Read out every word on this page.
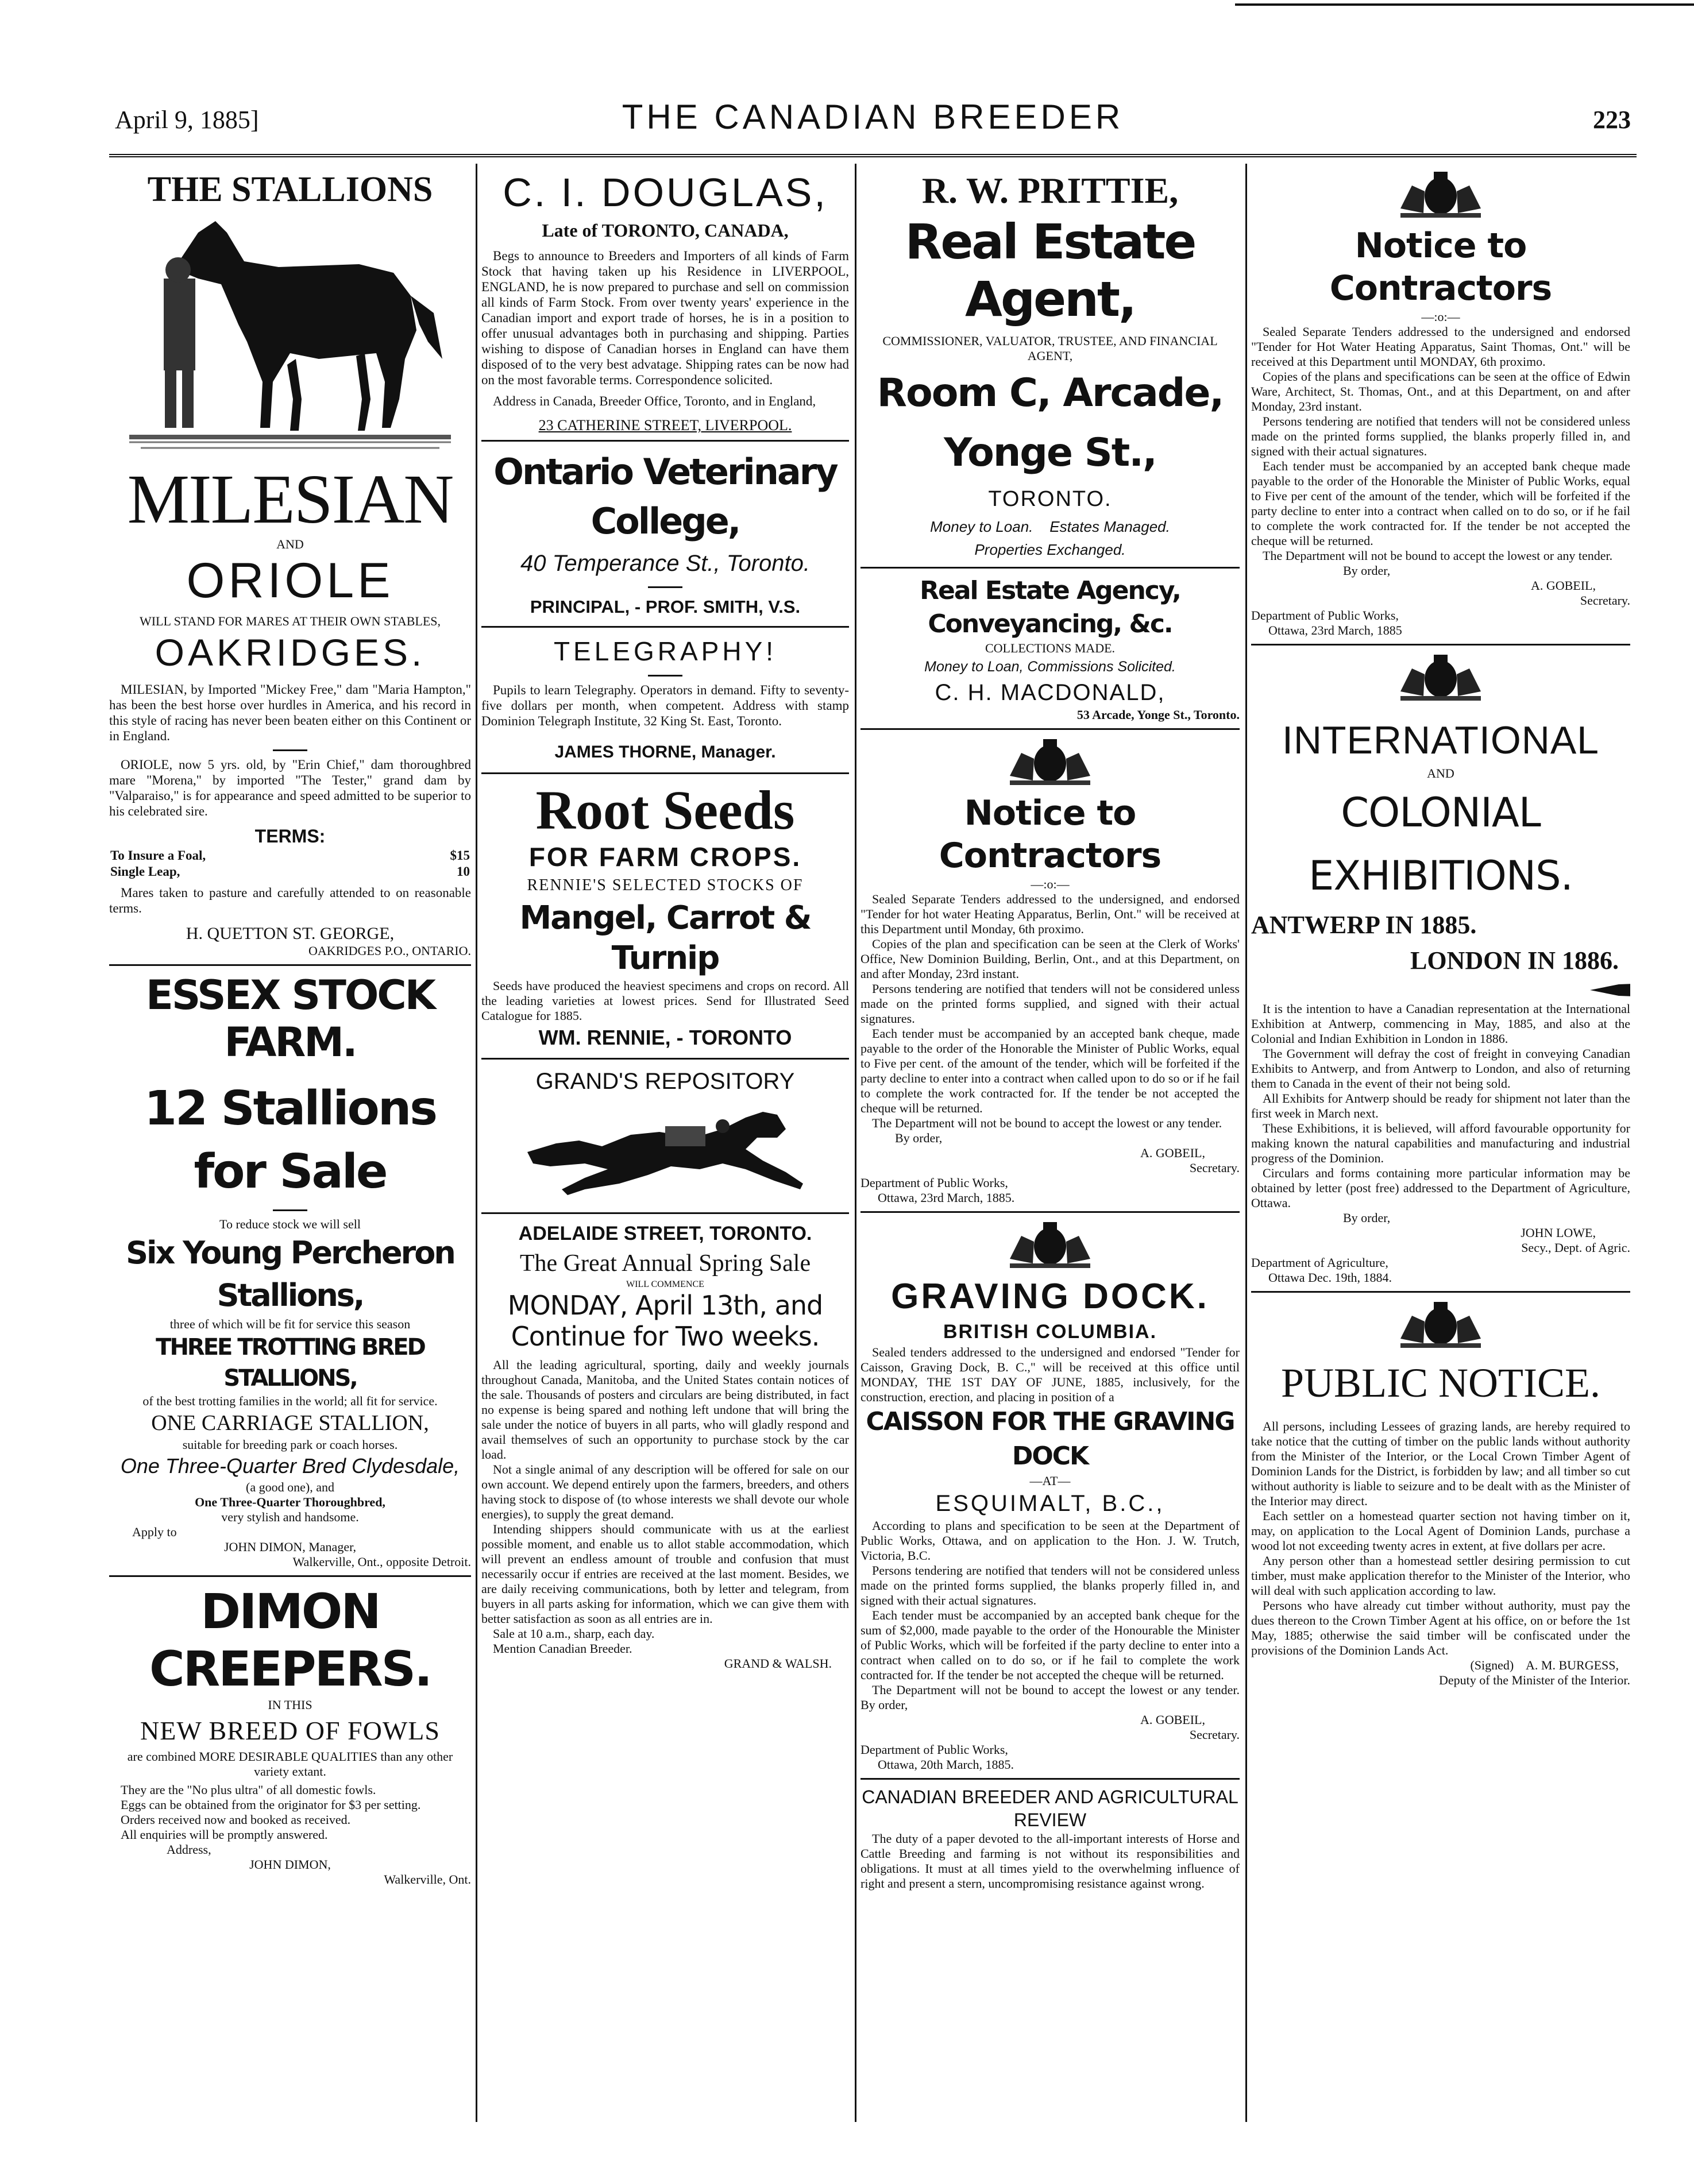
April 9, 1885]	THE CANADIAN BREEDER	223
THE STALLIONS
MILESIAN
AND
ORIOLE
WILL STAND FOR MARES AT THEIR OWN STABLES,
OAKRIDGES.

MILESIAN, by Imported "Mickey Free," dam "Maria Hampton," has been the best horse over hurdles in America, and his record in this style of racing has never been beaten either on this Continent or in England.

ORIOLE, now 5 yrs. old, by "Erin Chief," dam thoroughbred mare "Morena," by imported "The Tester," grand dam by "Valparaiso," is for appearance and speed admitted to be superior to his celebrated sire.

TERMS:
To Insure a Foal,	$15
Single Leap,	10

Mares taken to pasture and carefully attended to on reasonable terms.

H. QUETTON ST. GEORGE,
OAKRIDGES P.O., ONTARIO.
ESSEX STOCK FARM.
12 Stallions for Sale
To reduce stock we will sell
Six Young Percheron Stallions,
three of which will be fit for service this season
THREE TROTTING BRED STALLIONS,
of the best trotting families in the world; all fit for service.
ONE CARRIAGE STALLION,
suitable for breeding park or coach horses.
One Three-Quarter Bred Clydesdale,
(a good one), and
One Three-Quarter Thoroughbred,
very stylish and handsome.
Apply to
JOHN DIMON, Manager,
Walkerville, Ont., opposite Detroit.
DIMON CREEPERS.
IN THIS
NEW BREED OF FOWLS

are combined MORE DESIRABLE QUALITIES than any other variety extant.

They are the "No plus ultra" of all domestic fowls.

Eggs can be obtained from the originator for $3 per setting.

Orders received now and booked as received.

All enquiries will be promptly answered.

Address,
JOHN DIMON,
Walkerville, Ont.
C. I. DOUGLAS,
Late of TORONTO, CANADA,

Begs to announce to Breeders and Importers of all kinds of Farm Stock that having taken up his Residence in LIVERPOOL, ENGLAND, he is now prepared to purchase and sell on commission all kinds of Farm Stock. From over twenty years' experience in the Canadian import and export trade of horses, he is in a position to offer unusual advantages both in purchasing and shipping. Parties wishing to dispose of Canadian horses in England can have them disposed of to the very best advatage. Shipping rates can be now had on the most favorable terms. Correspondence solicited.

Address in Canada, Breeder Office, Toronto, and in England,

23 CATHERINE STREET, LIVERPOOL.
Ontario Veterinary College,
40 Temperance St., Toronto.
PRINCIPAL, - PROF. SMITH, V.S.
TELEGRAPHY!

Pupils to learn Telegraphy. Operators in demand. Fifty to seventy-five dollars per month, when competent. Address with stamp Dominion Telegraph Institute, 32 King St. East, Toronto.

JAMES THORNE, Manager.
Root Seeds
FOR FARM CROPS.
RENNIE'S SELECTED STOCKS OF
Mangel, Carrot & Turnip

Seeds have produced the heaviest specimens and crops on record. All the leading varieties at lowest prices. Send for Illustrated Seed Catalogue for 1885.

WM. RENNIE, - TORONTO
GRAND'S REPOSITORY
ADELAIDE STREET, TORONTO.
The Great Annual Spring Sale
WILL COMMENCE
MONDAY, April 13th, and Continue for Two weeks.

All the leading agricultural, sporting, daily and weekly journals throughout Canada, Manitoba, and the United States contain notices of the sale. Thousands of posters and circulars are being distributed, in fact no expense is being spared and nothing left undone that will bring the sale under the notice of buyers in all parts, who will gladly respond and avail themselves of such an opportunity to purchase stock by the car load.

Not a single animal of any description will be offered for sale on our own account. We depend entirely upon the farmers, breeders, and others having stock to dispose of (to whose interests we shall devote our whole energies), to supply the great demand.

Intending shippers should communicate with us at the earliest possible moment, and enable us to allot stable accommodation, which will prevent an endless amount of trouble and confusion that must necessarily occur if entries are received at the last moment. Besides, we are daily receiving communications, both by letter and telegram, from buyers in all parts asking for information, which we can give them with better satisfaction as soon as all entries are in.

Sale at 10 a.m., sharp, each day.

Mention Canadian Breeder.

GRAND & WALSH.
R. W. PRITTIE,
Real Estate Agent,
COMMISSIONER, VALUATOR, TRUSTEE, AND FINANCIAL AGENT,
Room C, Arcade, Yonge St.,
TORONTO.
Money to Loan.    Estates Managed.
Properties Exchanged.
Real Estate Agency, Conveyancing, &c.
COLLECTIONS MADE.
Money to Loan, Commissions Solicited.
C. H. MACDONALD,
53 Arcade, Yonge St., Toronto.
Notice to Contractors
—:o:—

Sealed Separate Tenders addressed to the undersigned, and endorsed "Tender for hot water Heating Apparatus, Berlin, Ont." will be received at this Department until Monday, 6th proximo.

Copies of the plan and specification can be seen at the Clerk of Works' Office, New Dominion Building, Berlin, Ont., and at this Department, on and after Monday, 23rd instant.

Persons tendering are notified that tenders will not be considered unless made on the printed forms supplied, and signed with their actual signatures.

Each tender must be accompanied by an accepted bank cheque, made payable to the order of the Honorable the Minister of Public Works, equal to Five per cent. of the amount of the tender, which will be forfeited if the party decline to enter into a contract when called upon to do so or if he fail to complete the work contracted for. If the tender be not accepted the cheque will be returned.

The Department will not be bound to accept the lowest or any tender.

By order,
A. GOBEIL,
Secretary.
Department of Public Works,
Ottawa, 23rd March, 1885.
GRAVING DOCK.
BRITISH COLUMBIA.

Sealed tenders addressed to the undersigned and endorsed "Tender for Caisson, Graving Dock, B. C.," will be received at this office until MONDAY, THE 1ST DAY OF JUNE, 1885, inclusively, for the construction, erection, and placing in position of a

CAISSON FOR THE GRAVING DOCK
—AT—
ESQUIMALT, B.C.,

According to plans and specification to be seen at the Department of Public Works, Ottawa, and on application to the Hon. J. W. Trutch, Victoria, B.C.

Persons tendering are notified that tenders will not be considered unless made on the printed forms supplied, the blanks properly filled in, and signed with their actual signatures.

Each tender must be accompanied by an accepted bank cheque for the sum of $2,000, made payable to the order of the Honourable the Minister of Public Works, which will be forfeited if the party decline to enter into a contract when called on to do so, or if he fail to complete the work contracted for. If the tender be not accepted the cheque will be returned.

The Department will not be bound to accept the lowest or any tender. By order,

A. GOBEIL,
Secretary.
Department of Public Works,
Ottawa, 20th March, 1885.
CANADIAN BREEDER AND AGRICULTURAL REVIEW

The duty of a paper devoted to the all-important interests of Horse and Cattle Breeding and farming is not without its responsibilities and obligations. It must at all times yield to the overwhelming influence of right and present a stern, uncompromising resistance against wrong.

Notice to Contractors
—:o:—

Sealed Separate Tenders addressed to the undersigned and endorsed "Tender for Hot Water Heating Apparatus, Saint Thomas, Ont." will be received at this Department until MONDAY, 6th proximo.

Copies of the plans and specifications can be seen at the office of Edwin Ware, Architect, St. Thomas, Ont., and at this Department, on and after Monday, 23rd instant.

Persons tendering are notified that tenders will not be considered unless made on the printed forms supplied, the blanks properly filled in, and signed with their actual signatures.

Each tender must be accompanied by an accepted bank cheque made payable to the order of the Honorable the Minister of Public Works, equal to Five per cent of the amount of the tender, which will be forfeited if the party decline to enter into a contract when called on to do so, or if he fail to complete the work contracted for. If the tender be not accepted the cheque will be returned.

The Department will not be bound to accept the lowest or any tender.

By order,
A. GOBEIL,
Secretary.
Department of Public Works,
Ottawa, 23rd March, 1885
INTERNATIONAL
AND
COLONIAL EXHIBITIONS.
ANTWERP IN 1885.
LONDON IN 1886.

It is the intention to have a Canadian representation at the International Exhibition at Antwerp, commencing in May, 1885, and also at the Colonial and Indian Exhibition in London in 1886.

The Government will defray the cost of freight in conveying Canadian Exhibits to Antwerp, and from Antwerp to London, and also of returning them to Canada in the event of their not being sold.

All Exhibits for Antwerp should be ready for shipment not later than the first week in March next.

These Exhibitions, it is believed, will afford favourable opportunity for making known the natural capabilities and manufacturing and industrial progress of the Dominion.

Circulars and forms containing more particular information may be obtained by letter (post free) addressed to the Department of Agriculture, Ottawa.

By order,
JOHN LOWE,
Secy., Dept. of Agric.
Department of Agriculture,
Ottawa Dec. 19th, 1884.
PUBLIC NOTICE.

All persons, including Lessees of grazing lands, are hereby required to take notice that the cutting of timber on the public lands without authority from the Minister of the Interior, or the Local Crown Timber Agent of Dominion Lands for the District, is forbidden by law; and all timber so cut without authority is liable to seizure and to be dealt with as the Minister of the Interior may direct.

Each settler on a homestead quarter section not having timber on it, may, on application to the Local Agent of Dominion Lands, purchase a wood lot not exceeding twenty acres in extent, at five dollars per acre.

Any person other than a homestead settler desiring permission to cut timber, must make application therefor to the Minister of the Interior, who will deal with such application according to law.

Persons who have already cut timber without authority, must pay the dues thereon to the Crown Timber Agent at his office, on or before the 1st May, 1885; otherwise the said timber will be confiscated under the provisions of the Dominion Lands Act.

(Signed)    A. M. BURGESS,
Deputy of the Minister of the Interior.
